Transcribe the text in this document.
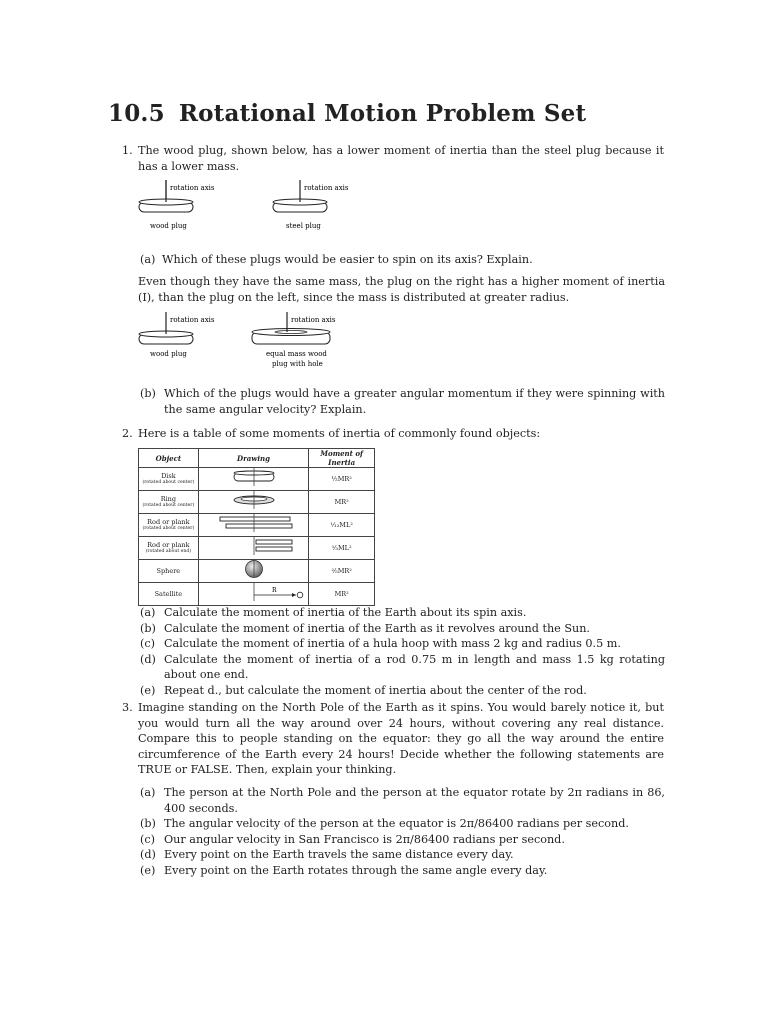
10.5 Rotational Motion Problem Set
1. The wood plug, shown below, has a lower moment of inertia than the steel plug because it has a lower mass.
rotation axis
wood plug
rotation axis
steel plug
(a) Which of these plugs would be easier to spin on its axis? Explain.
Even though they have the same mass, the plug on the right has a higher moment of inertia (I), than the plug on the left, since the mass is distributed at greater radius.
rotation axis
wood plug
rotation axis
equal mass wood
plug with hole
(b) Which of the plugs would have a greater angular momentum if they were spinning with the same angular velocity? Explain.
2. Here is a table of some moments of inertia of commonly found objects:
Object	Drawing	Moment of Inertia
Disk
(rotated about center)		½MR²
Ring
(rotated about center)		MR²
Rod or plank
(rotated about center)		¹⁄₁₂ML²
Rod or plank
(rotated about end)		¹⁄₃ML²
Sphere		²⁄₅MR²
Satellite	R	MR²
(a) Calculate the moment of inertia of the Earth about its spin axis.
(b) Calculate the moment of inertia of the Earth as it revolves around the Sun.
(c) Calculate the moment of inertia of a hula hoop with mass 2 kg and radius 0.5 m.
(d) Calculate the moment of inertia of a rod 0.75 m in length and mass 1.5 kg rotating about one end.
(e) Repeat d., but calculate the moment of inertia about the center of the rod.
3. Imagine standing on the North Pole of the Earth as it spins. You would barely notice it, but you would turn all the way around over 24 hours, without covering any real distance. Compare this to people standing on the equator: they go all the way around the entire circumference of the Earth every 24 hours! Decide whether the following statements are TRUE or FALSE. Then, explain your thinking.
(a) The person at the North Pole and the person at the equator rotate by 2π radians in 86, 400 seconds.
(b) The angular velocity of the person at the equator is 2π/86400 radians per second.
(c) Our angular velocity in San Francisco is 2π/86400 radians per second.
(d) Every point on the Earth travels the same distance every day.
(e) Every point on the Earth rotates through the same angle every day.
